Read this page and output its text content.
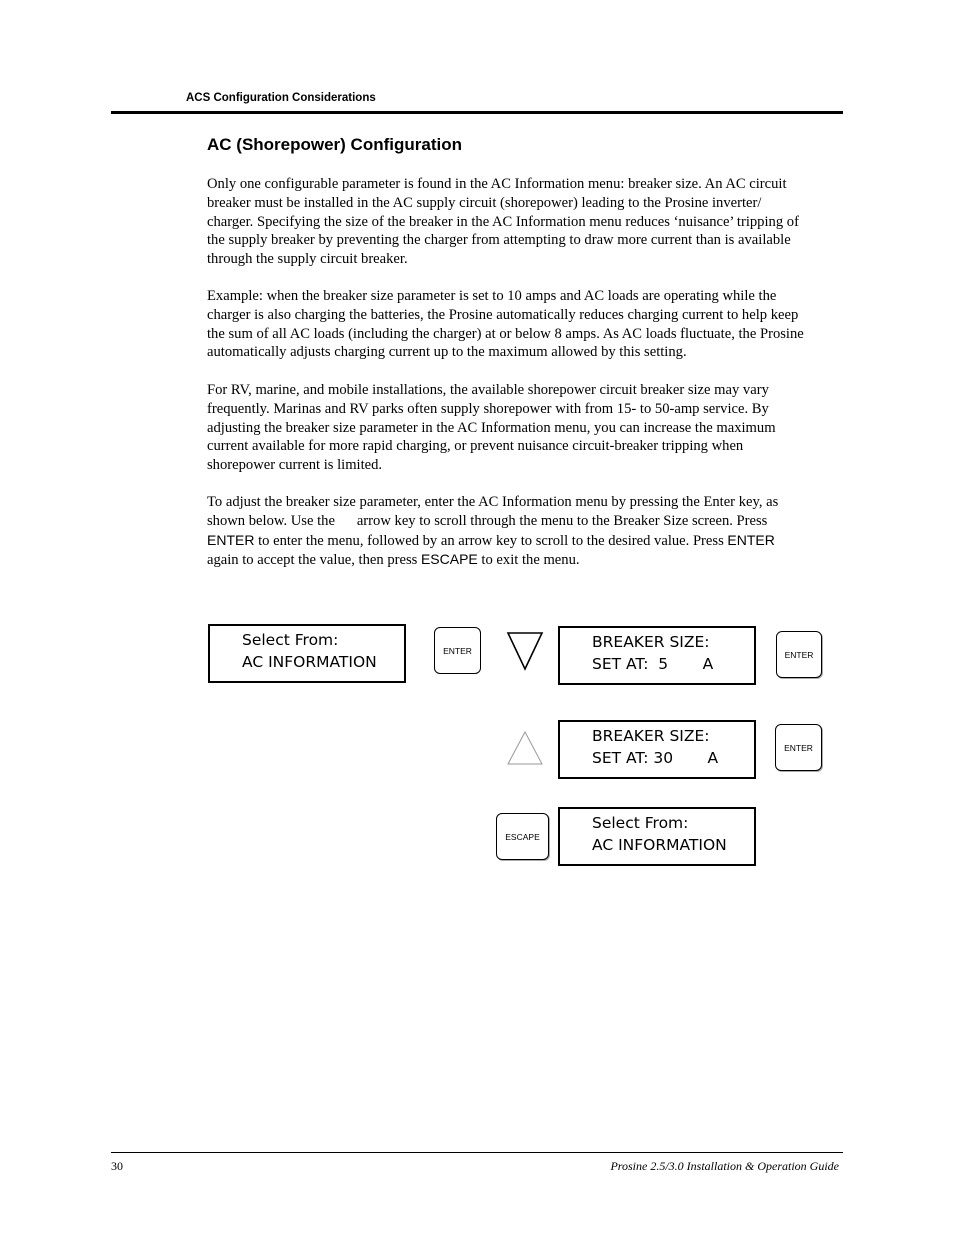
ACS Configuration Considerations
AC (Shorepower) Configuration

Only one configurable parameter is found in the AC Information menu: breaker size. An AC circuit

breaker must be installed in the AC supply circuit (shorepower) leading to the Prosine inverter/

charger. Specifying the size of the breaker in the AC Information menu reduces ‘nuisance’ tripping of

the supply breaker by preventing the charger from attempting to draw more current than is available

through the supply circuit breaker.

Example: when the breaker size parameter is set to 10 amps and AC loads are operating while the

charger is also charging the batteries, the Prosine automatically reduces charging current to help keep

the sum of all AC loads (including the charger) at or below 8 amps. As AC loads fluctuate, the Prosine

automatically adjusts charging current up to the maximum allowed by this setting.

For RV, marine, and mobile installations, the available shorepower circuit breaker size may vary

frequently. Marinas and RV parks often supply shorepower with from 15- to 50-amp service. By

adjusting the breaker size parameter in the AC Information menu, you can increase the maximum

current available for more rapid charging, or prevent nuisance circuit-breaker tripping when

shorepower current is limited.

To adjust the breaker size parameter, enter the AC Information menu by pressing the Enter key, as

shown below. Use the      arrow key to scroll through the menu to the Breaker Size screen. Press

ENTER to enter the menu, followed by an arrow key to scroll to the desired value. Press ENTER

again to accept the value, then press ESCAPE to exit the menu.

Select From:
AC INFORMATION
ENTER	BREAKER SIZE:
SET AT:  5       A
ENTER
BREAKER SIZE:
SET AT: 30       A
ENTER
ESCAPE
Select From:
AC INFORMATION
30	Prosine 2.5/3.0 Installation & Operation Guide
